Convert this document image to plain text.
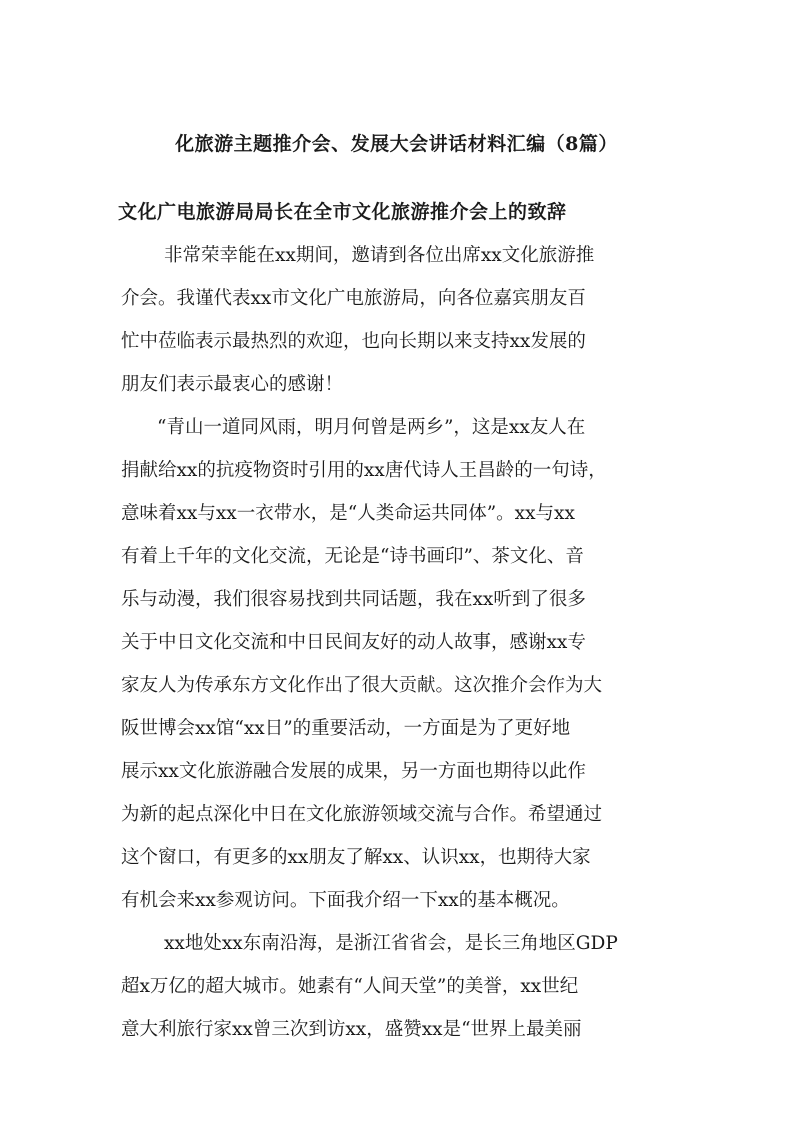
化旅游主题推介会、发展大会讲话材料汇编（8篇）
文化广电旅游局局长在全市文化旅游推介会上的致辞

非常荣幸能在xx期间，邀请到各位出席xx文化旅游推

介会。我谨代表xx市文化广电旅游局，向各位嘉宾朋友百

忙中莅临表示最热烈的欢迎，也向长期以来支持xx发展的

朋友们表示最衷心的感谢！

“青山一道同风雨，明月何曾是两乡”，这是xx友人在

捐献给xx的抗疫物资时引用的xx唐代诗人王昌龄的一句诗，

意味着xx与xx一衣带水，是“人类命运共同体”。xx与xx

有着上千年的文化交流，无论是“诗书画印”、茶文化、音

乐与动漫，我们很容易找到共同话题，我在xx听到了很多

关于中日文化交流和中日民间友好的动人故事，感谢xx专

家友人为传承东方文化作出了很大贡献。这次推介会作为大

阪世博会xx馆“xx日”的重要活动，一方面是为了更好地

展示xx文化旅游融合发展的成果，另一方面也期待以此作

为新的起点深化中日在文化旅游领域交流与合作。希望通过

这个窗口，有更多的xx朋友了解xx、认识xx，也期待大家

有机会来xx参观访问。下面我介绍一下xx的基本概况。

xx地处xx东南沿海，是浙江省省会，是长三角地区GDP

超x万亿的超大城市。她素有“人间天堂”的美誉，xx世纪

意大利旅行家xx曾三次到访xx，盛赞xx是“世界上最美丽
